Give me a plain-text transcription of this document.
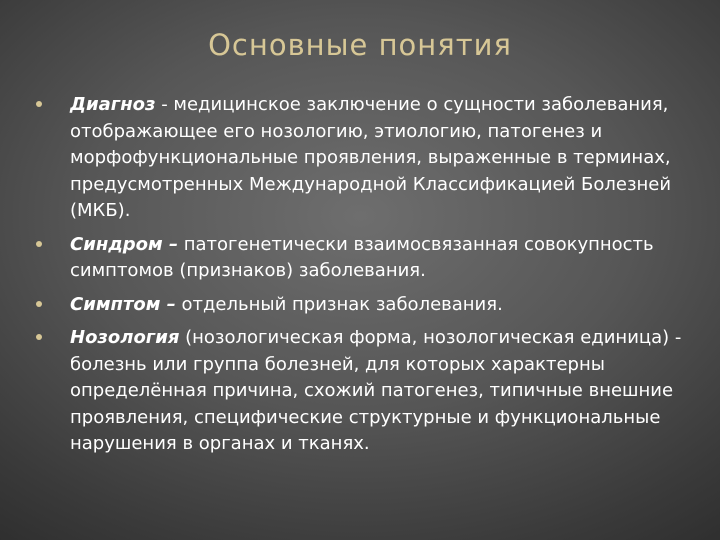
Основные понятия
Диагноз - медицинское заключение о сущности заболевания, отображающее его нозологию, этиологию, патогенез и морфофункциональные проявления, выраженные в терминах, предусмотренных Международной Классификацией Болезней (МКБ).
Синдром – патогенетически взаимосвязанная совокупность симптомов (признаков) заболевания.
Симптом – отдельный признак заболевания.
Нозология (нозологическая форма, нозологическая единица) - болезнь или группа болезней, для которых характерны определённая причина, схожий патогенез, типичные внешние проявления, специфические структурные и функциональные нарушения в органах и тканях.
